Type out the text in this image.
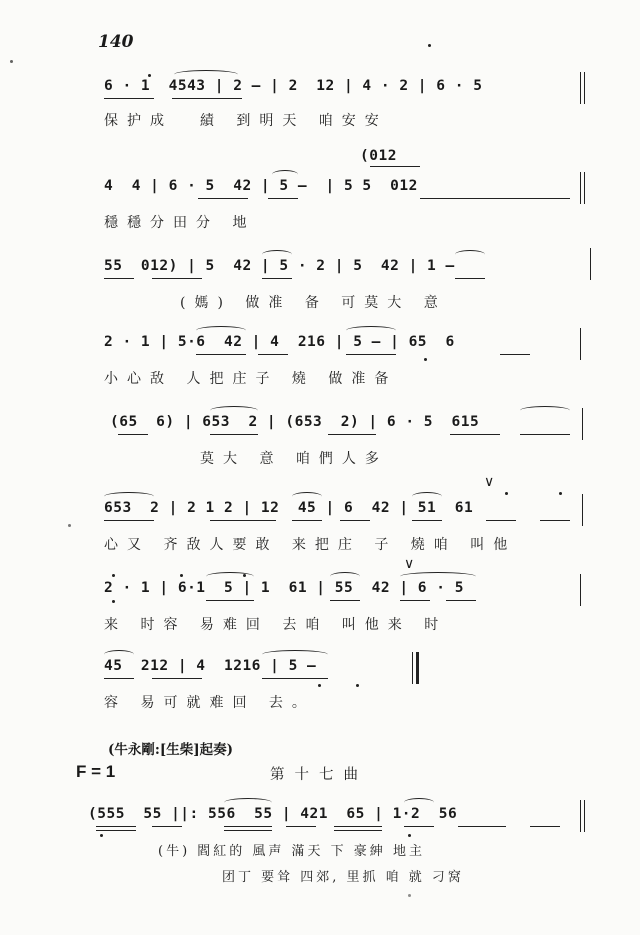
140
6 · 1  4543 | 2 — | 2  12 | 4 · 2 | 6 · 5
保护成  績 到明天 咱安安
(012
4  4 | 6 · 5  42 | 5 —  | 5 5  012
穩穩分田分 地
55  012) | 5  42 | 5 · 2 | 5  42 | 1 —
(媽) 做准 备 可莫大 意
2 · 1 | 5·6  42 | 4  216 | 5 — | 65  6
小心敌 人把庄子 燒 做准备
(65  6) | 653  2 | (653  2) | 6 · 5  615
莫大 意 咱們人多
∨
653  2 | 2 1 2 | 12  45 | 6  42 | 51  61
心又 齐敌人要敢 来把庄 子 燒咱 叫他
∨
2 · 1 | 6·1  5 | 1  61 | 55  42 | 6 · 5
来 时容 易难回 去咱 叫他来 时
45  212 | 4  1216 | 5 —
容 易可就难回 去。
(牛永剛:[生柴]起奏)
F = 1	第十七曲
(555  55 ||: 556  55 | 421  65 | 1·2  56
(牛) 閻紅的 風声 滿天 下 豪紳 地主
团丁 要耸 四郊, 里抓 咱 就 刁窝
